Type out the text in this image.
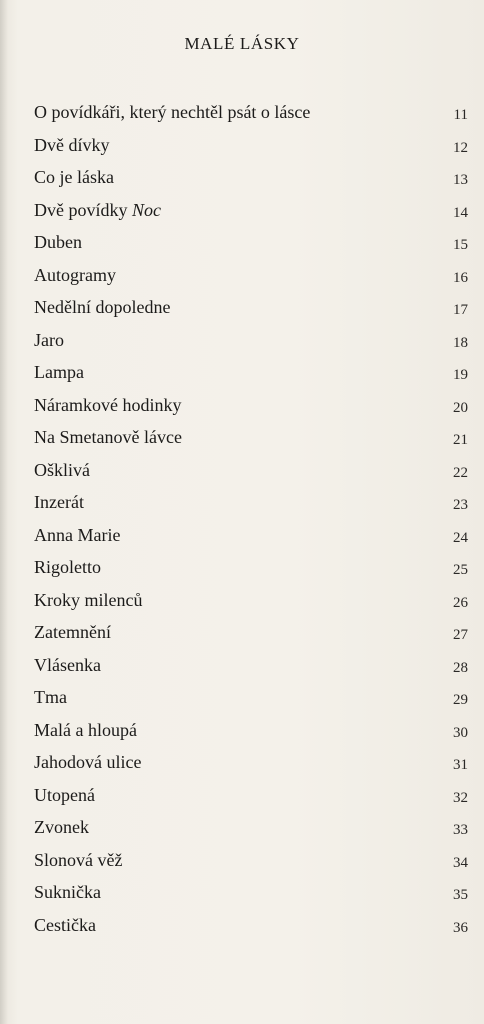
MALÉ LÁSKY
O povídkáři, který nechtěl psát o lásce	11
Dvě dívky	12
Co je láska	13
Dvě povídky Noc	14
Duben	15
Autogramy	16
Nedělní dopoledne	17
Jaro	18
Lampa	19
Náramkové hodinky	20
Na Smetanově lávce	21
Ošklivá	22
Inzerát	23
Anna Marie	24
Rigoletto	25
Kroky milenců	26
Zatemnění	27
Vlásenka	28
Tma	29
Malá a hloupá	30
Jahodová ulice	31
Utopená	32
Zvonek	33
Slonová věž	34
Suknička	35
Cestička	36
